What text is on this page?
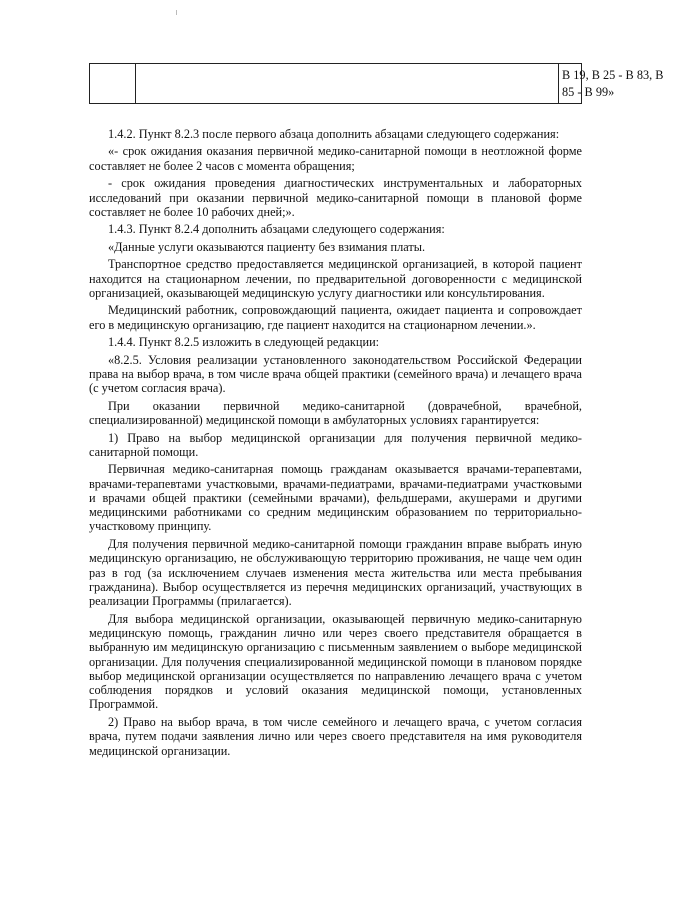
В 19, В 25 - В 83, В 85 - В 99»

1.4.2. Пункт 8.2.3 после первого абзаца дополнить абзацами следующего содержания:

«- срок ожидания оказания первичной медико-санитарной помощи в неотложной форме составляет не более 2 часов с момента обращения;

- срок ожидания проведения диагностических инструментальных и лабораторных исследований при оказании первичной медико-санитарной помощи в плановой форме составляет не более 10 рабочих дней;».

1.4.3. Пункт 8.2.4 дополнить абзацами следующего содержания:

«Данные услуги оказываются пациенту без взимания платы.

Транспортное средство предоставляется медицинской организацией, в которой пациент находится на стационарном лечении, по предварительной договоренности с медицинской организацией, оказывающей медицинскую услугу диагностики или консультирования.

Медицинский работник, сопровождающий пациента, ожидает пациента и сопровождает его в медицинскую организацию, где пациент находится на стационарном лечении.».

1.4.4. Пункт 8.2.5 изложить в следующей редакции:

«8.2.5. Условия реализации установленного законодательством Российской Федерации права на выбор врача, в том числе врача общей практики (семейного врача) и лечащего врача (с учетом согласия врача).

При оказании первичной медико-санитарной (доврачебной, врачебной, специализированной) медицинской помощи в амбулаторных условиях гарантируется:

1) Право на выбор медицинской организации для получения первичной медико-санитарной помощи.

Первичная медико-санитарная помощь гражданам оказывается врачами-терапевтами, врачами-терапевтами участковыми, врачами-педиатрами, врачами-педиатрами участковыми и врачами общей практики (семейными врачами), фельдшерами, акушерами и другими медицинскими работниками со средним медицинским образованием по территориально-участковому принципу.

Для получения первичной медико-санитарной помощи гражданин вправе выбрать иную медицинскую организацию, не обслуживающую территорию проживания, не чаще чем один раз в год (за исключением случаев изменения места жительства или места пребывания гражданина). Выбор осуществляется из перечня медицинских организаций, участвующих в реализации Программы (прилагается).

Для выбора медицинской организации, оказывающей первичную медико-санитарную медицинскую помощь, гражданин лично или через своего представителя обращается в выбранную им медицинскую организацию с письменным заявлением о выборе медицинской организации. Для получения специализированной медицинской помощи в плановом порядке выбор медицинской организации осуществляется по направлению лечащего врача с учетом соблюдения порядков и условий оказания медицинской помощи, установленных Программой.

2) Право на выбор врача, в том числе семейного и лечащего врача, с учетом согласия врача, путем подачи заявления лично или через своего представителя на имя руководителя медицинской организации.
